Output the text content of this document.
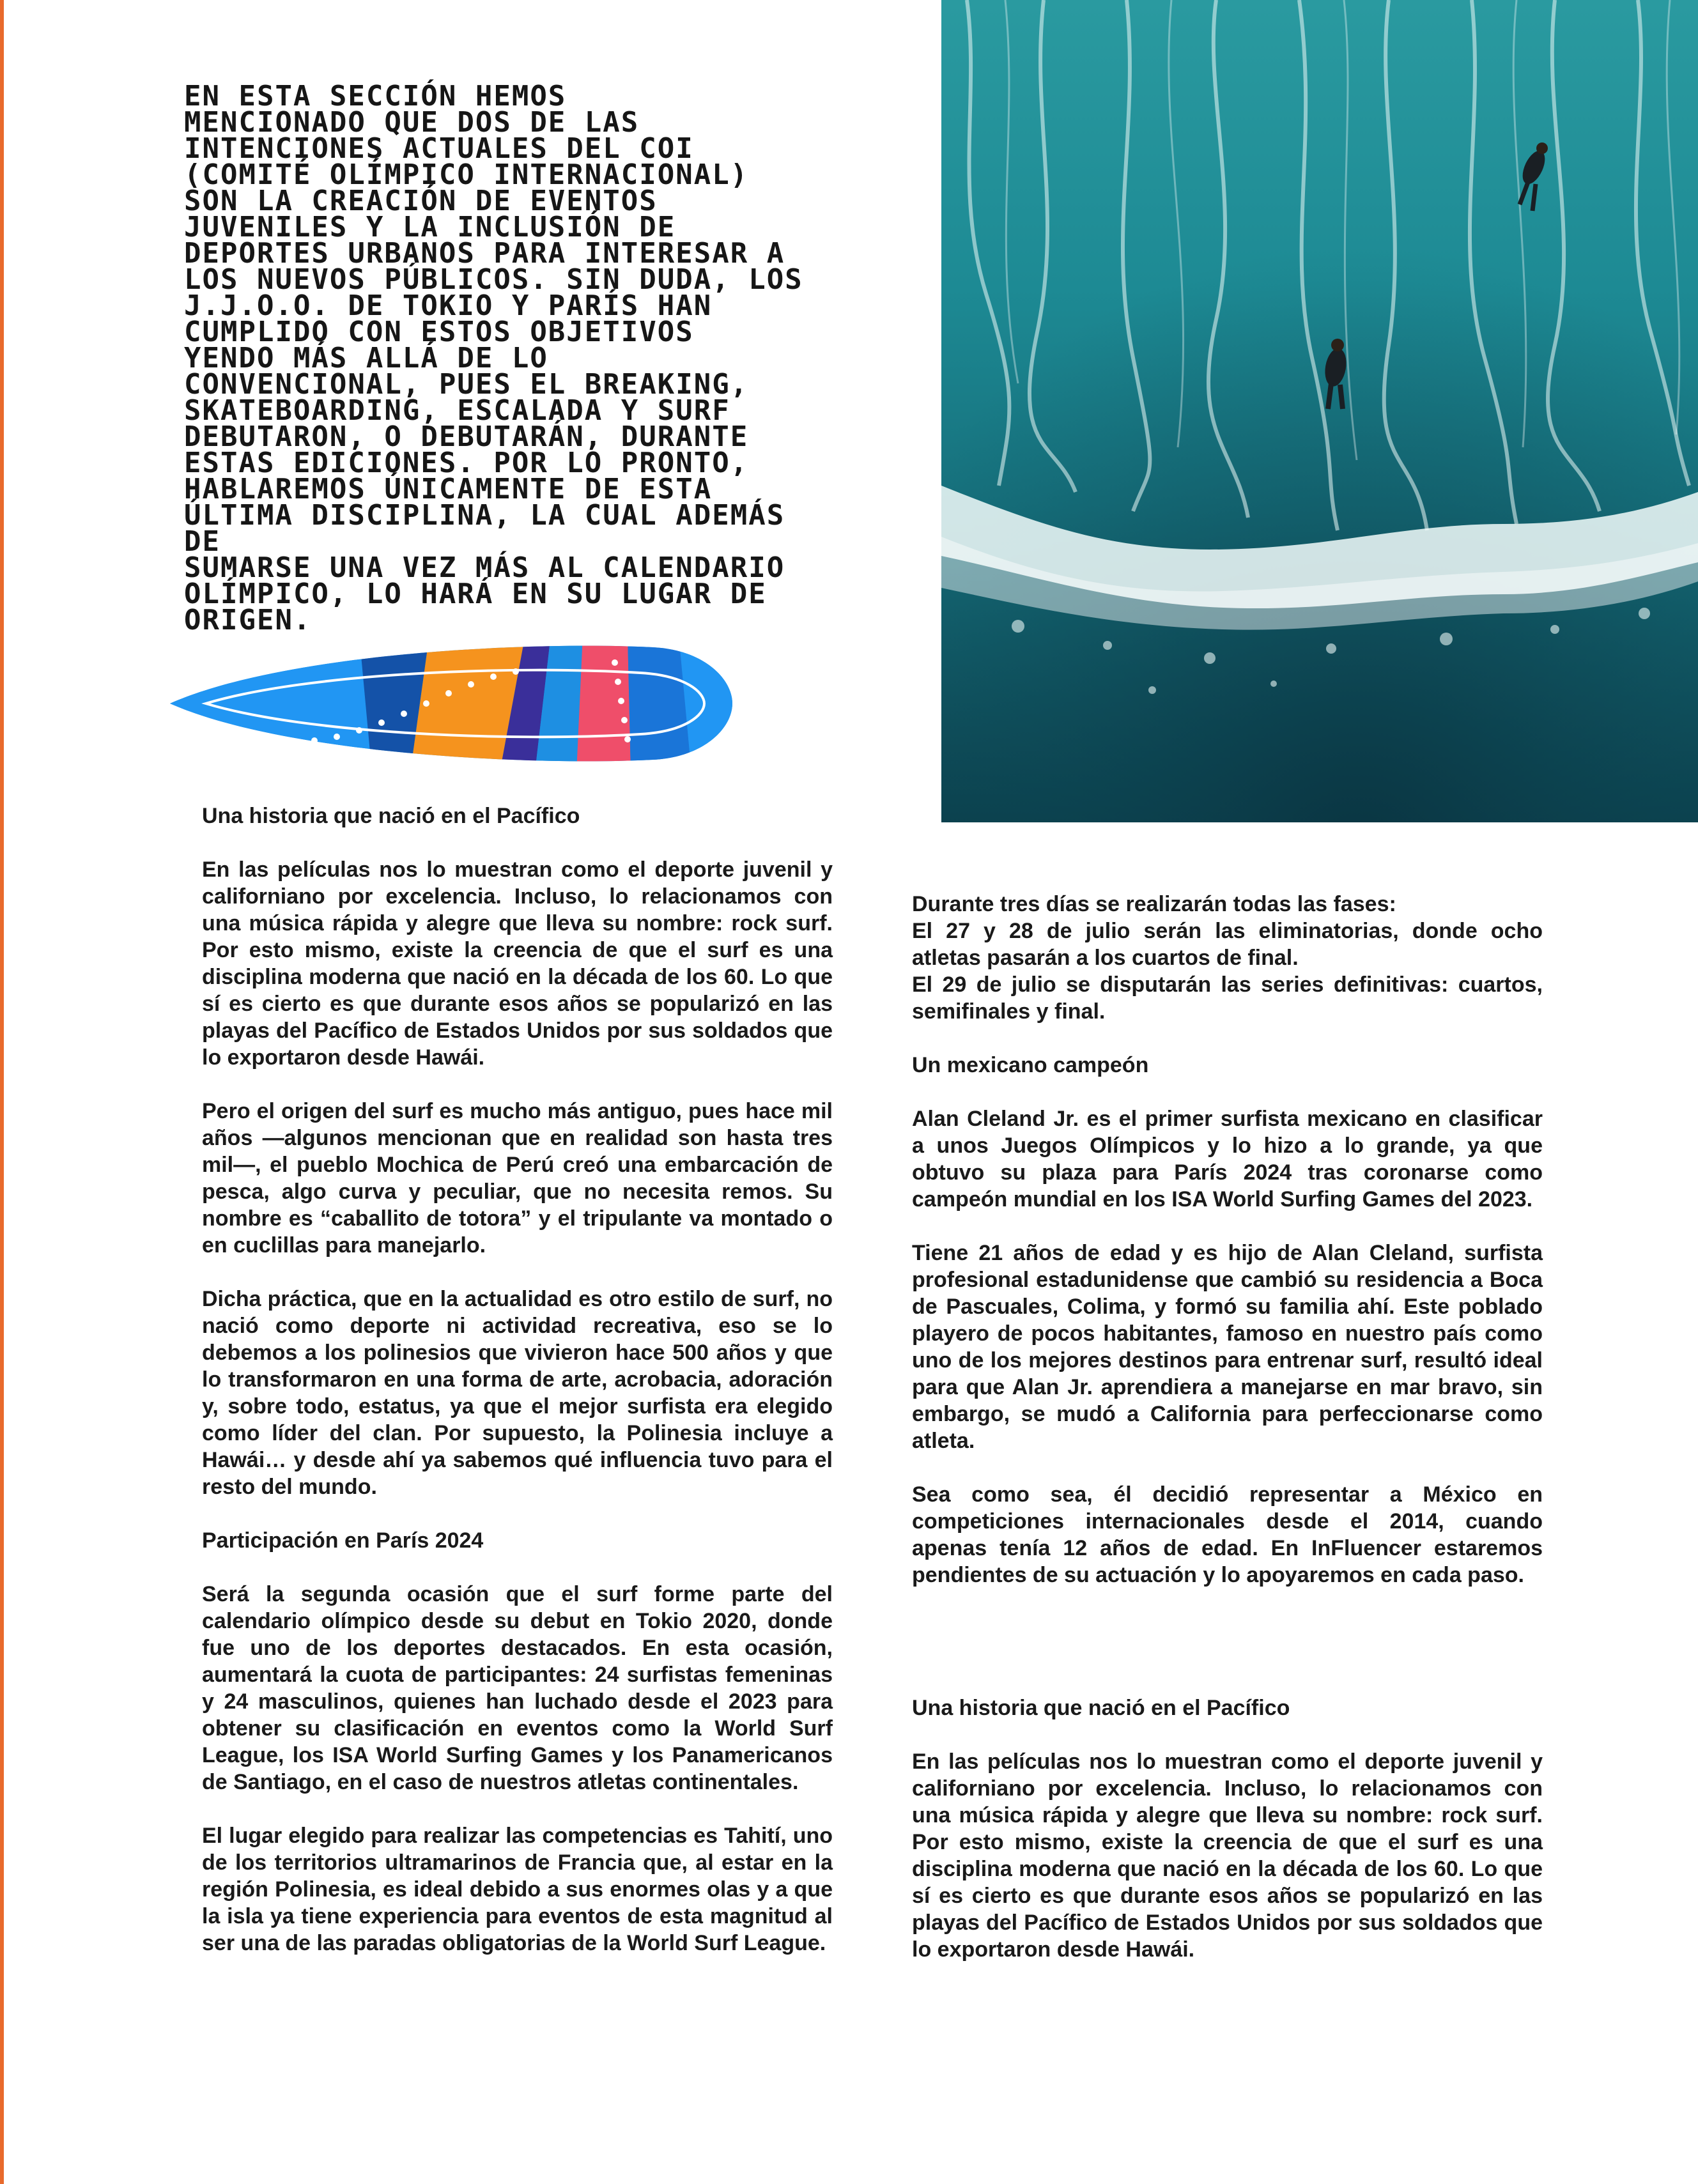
EN ESTA SECCIÓN HEMOS
MENCIONADO QUE DOS DE LAS
INTENCIONES ACTUALES DEL COI
(COMITÉ OLÍMPICO INTERNACIONAL)
SON LA CREACIÓN DE EVENTOS
JUVENILES Y LA INCLUSIÓN DE
DEPORTES URBANOS PARA INTERESAR A
LOS NUEVOS PÚBLICOS. SIN DUDA, LOS
J.J.O.O. DE TOKIO Y PARÍS HAN
CUMPLIDO CON ESTOS OBJETIVOS
YENDO MÁS ALLÁ DE LO
CONVENCIONAL, PUES EL BREAKING,
SKATEBOARDING, ESCALADA Y SURF
DEBUTARON, O DEBUTARÁN, DURANTE
ESTAS EDICIONES. POR LO PRONTO,
HABLAREMOS ÚNICAMENTE DE ESTA
ÚLTIMA DISCIPLINA, LA CUAL ADEMÁS DE
SUMARSE UNA VEZ MÁS AL CALENDARIO
OLÍMPICO, LO HARÁ EN SU LUGAR DE
ORIGEN.

Una historia que nació en el Pacífico

En las películas nos lo muestran como el deporte juvenil y californiano por excelencia. Incluso, lo relacionamos con una música rápida y alegre que lleva su nombre: rock surf. Por esto mismo, existe la creencia de que el surf es una disciplina moderna que nació en la década de los 60. Lo que sí es cierto es que durante esos años se popularizó en las playas del Pacífico de Estados Unidos por sus soldados que lo exportaron desde Hawái.

Pero el origen del surf es mucho más antiguo, pues hace mil años —algunos mencionan que en realidad son hasta tres mil—, el pueblo Mochica de Perú creó una embarcación de pesca, algo curva y peculiar, que no necesita remos. Su nombre es “caballito de totora” y el tripulante va montado o en cuclillas para manejarlo.

Dicha práctica, que en la actualidad es otro estilo de surf, no nació como deporte ni actividad recreativa, eso se lo debemos a los polinesios que vivieron hace 500 años y que lo transformaron en una forma de arte, acrobacia, adoración y, sobre todo, estatus, ya que el mejor surfista era elegido como líder del clan. Por supuesto, la Polinesia incluye a Hawái… y desde ahí ya sabemos qué influencia tuvo para el resto del mundo.

Participación en París 2024

Será la segunda ocasión que el surf forme parte del calendario olímpico desde su debut en Tokio 2020, donde fue uno de los deportes destacados. En esta ocasión, aumentará la cuota de participantes: 24 surfistas femeninas y 24 masculinos, quienes han luchado desde el 2023 para obtener su clasificación en eventos como la World Surf League, los ISA World Surfing Games y los Panamericanos de Santiago, en el caso de nuestros atletas continentales.

El lugar elegido para realizar las competencias es Tahití, uno de los territorios ultramarinos de Francia que, al estar en la región Polinesia, es ideal debido a sus enormes olas y a que la isla ya tiene experiencia para eventos de esta magnitud al ser una de las paradas obligatorias de la World Surf League.

Durante tres días se realizarán todas las fases:

El 27 y 28 de julio serán las eliminatorias, donde ocho atletas pasarán a los cuartos de final.

El 29 de julio se disputarán las series definitivas: cuartos, semifinales y final.

Un mexicano campeón

Alan Cleland Jr. es el primer surfista mexicano en clasificar a unos Juegos Olímpicos y lo hizo a lo grande, ya que obtuvo su plaza para París 2024 tras coronarse como campeón mundial en los ISA World Surfing Games del 2023.

Tiene 21 años de edad y es hijo de Alan Cleland, surfista profesional estadunidense que cambió su residencia a Boca de Pascuales, Colima, y formó su familia ahí. Este poblado playero de pocos habitantes, famoso en nuestro país como uno de los mejores destinos para entrenar surf, resultó ideal para que Alan Jr. aprendiera a manejarse en mar bravo, sin embargo, se mudó a California para perfeccionarse como atleta.

Sea como sea, él decidió representar a México en competiciones internacionales desde el 2014, cuando apenas tenía 12 años de edad. En InFluencer estaremos pendientes de su actuación y lo apoyaremos en cada paso.

Una historia que nació en el Pacífico

En las películas nos lo muestran como el deporte juvenil y californiano por excelencia. Incluso, lo relacionamos con una música rápida y alegre que lleva su nombre: rock surf. Por esto mismo, existe la creencia de que el surf es una disciplina moderna que nació en la década de los 60. Lo que sí es cierto es que durante esos años se popularizó en las playas del Pacífico de Estados Unidos por sus soldados que lo exportaron desde Hawái.
